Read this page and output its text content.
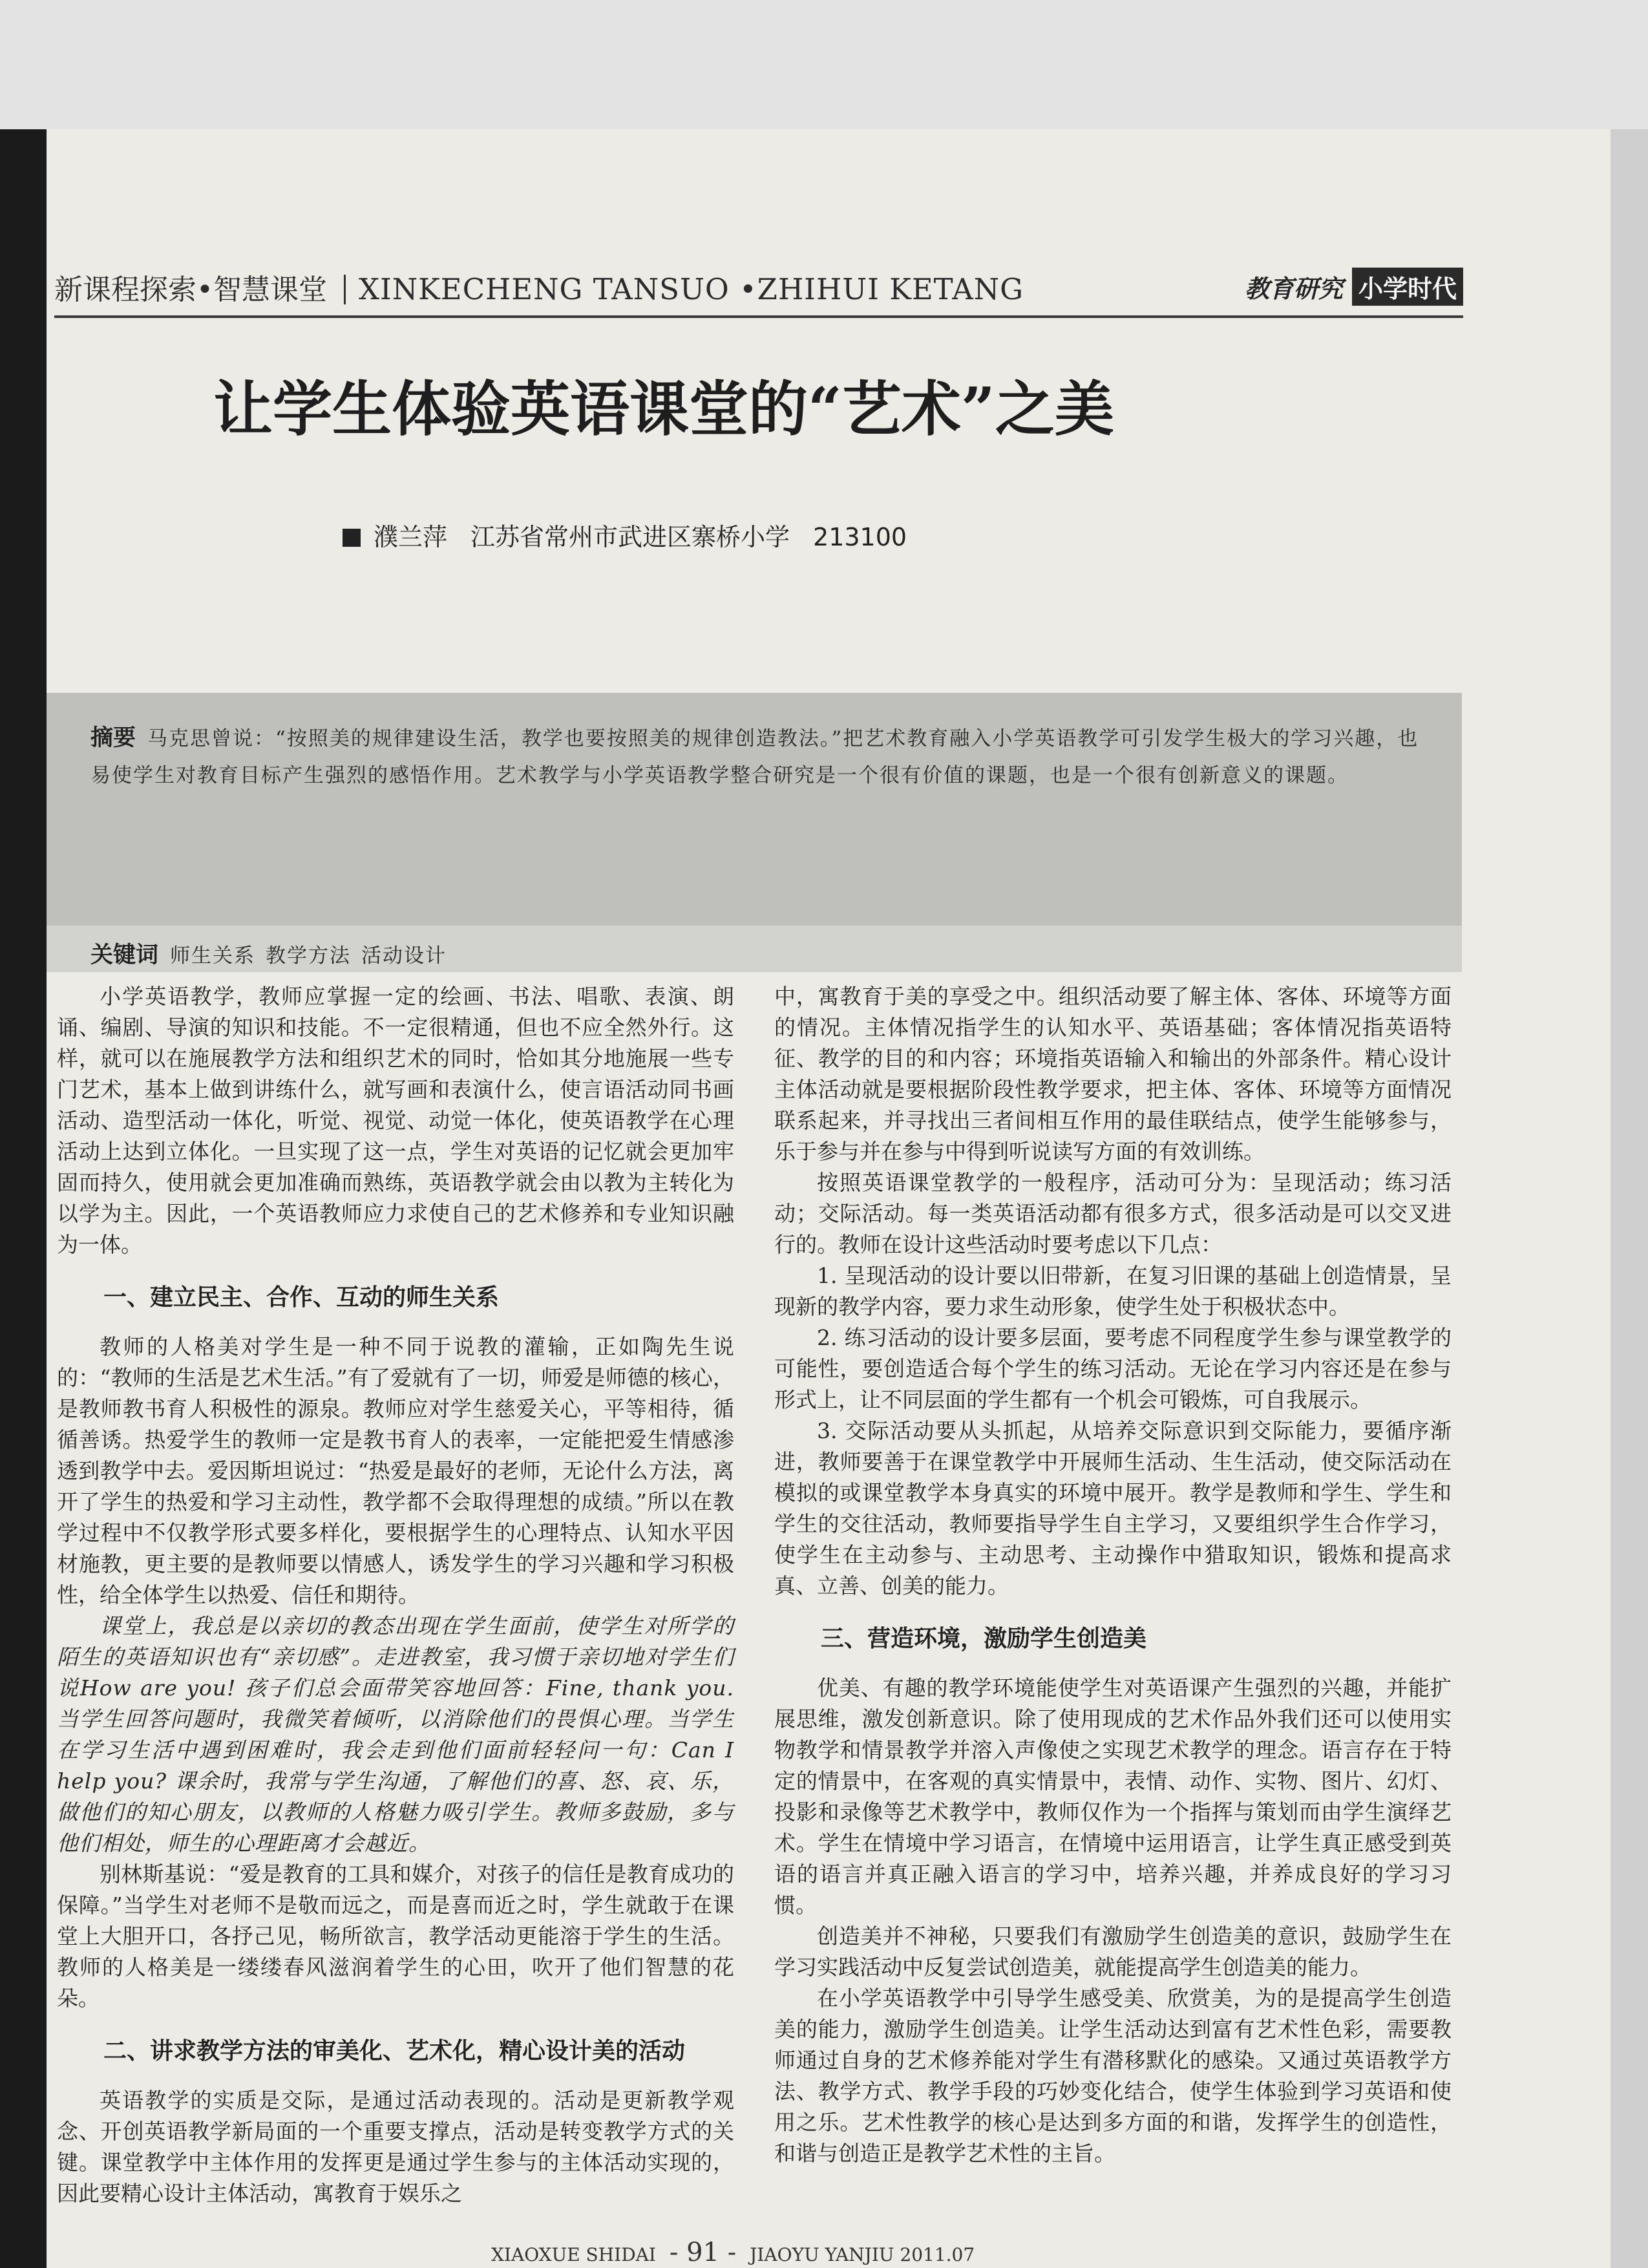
新课程探索•智慧课堂 XINKECHENG TANSUO •ZHIHUI KETANG	教育研究 小学时代
让学生体验英语课堂的“艺术”之美
濮兰萍 江苏省常州市武进区寨桥小学 213100
摘要 马克思曾说：“按照美的规律建设生活，教学也要按照美的规律创造教法。”把艺术教育融入小学英语教学可引发学生极大的学习兴趣，也易使学生对教育目标产生强烈的感悟作用。艺术教学与小学英语教学整合研究是一个很有价值的课题，也是一个很有创新意义的课题。
关键词 师生关系 教学方法 活动设计

小学英语教学，教师应掌握一定的绘画、书法、唱歌、表演、朗诵、编剧、导演的知识和技能。不一定很精通，但也不应全然外行。这样，就可以在施展教学方法和组织艺术的同时，恰如其分地施展一些专门艺术，基本上做到讲练什么，就写画和表演什么，使言语活动同书画活动、造型活动一体化，听觉、视觉、动觉一体化，使英语教学在心理活动上达到立体化。一旦实现了这一点，学生对英语的记忆就会更加牢固而持久，使用就会更加准确而熟练，英语教学就会由以教为主转化为以学为主。因此，一个英语教师应力求使自己的艺术修养和专业知识融为一体。

一、建立民主、合作、互动的师生关系

教师的人格美对学生是一种不同于说教的灌输，正如陶先生说的：“教师的生活是艺术生活。”有了爱就有了一切，师爱是师德的核心，是教师教书育人积极性的源泉。教师应对学生慈爱关心，平等相待，循循善诱。热爱学生的教师一定是教书育人的表率，一定能把爱生情感渗透到教学中去。爱因斯坦说过：“热爱是最好的老师，无论什么方法，离开了学生的热爱和学习主动性，教学都不会取得理想的成绩。”所以在教学过程中不仅教学形式要多样化，要根据学生的心理特点、认知水平因材施教，更主要的是教师要以情感人，诱发学生的学习兴趣和学习积极性，给全体学生以热爱、信任和期待。

课堂上，我总是以亲切的教态出现在学生面前，使学生对所学的陌生的英语知识也有“亲切感”。走进教室，我习惯于亲切地对学生们说How are you! 孩子们总会面带笑容地回答：Fine, thank you. 当学生回答问题时，我微笑着倾听，以消除他们的畏惧心理。当学生在学习生活中遇到困难时，我会走到他们面前轻轻问一句：Can I help you? 课余时，我常与学生沟通，了解他们的喜、怒、哀、乐，做他们的知心朋友，以教师的人格魅力吸引学生。教师多鼓励，多与他们相处，师生的心理距离才会越近。

别林斯基说：“爱是教育的工具和媒介，对孩子的信任是教育成功的保障。”当学生对老师不是敬而远之，而是喜而近之时，学生就敢于在课堂上大胆开口，各抒己见，畅所欲言，教学活动更能溶于学生的生活。教师的人格美是一缕缕春风滋润着学生的心田，吹开了他们智慧的花朵。

二、讲求教学方法的审美化、艺术化，精心设计美的活动

英语教学的实质是交际，是通过活动表现的。活动是更新教学观念、开创英语教学新局面的一个重要支撑点，活动是转变教学方式的关键。课堂教学中主体作用的发挥更是通过学生参与的主体活动实现的，因此要精心设计主体活动，寓教育于娱乐之

中，寓教育于美的享受之中。组织活动要了解主体、客体、环境等方面的情况。主体情况指学生的认知水平、英语基础；客体情况指英语特征、教学的目的和内容；环境指英语输入和输出的外部条件。精心设计主体活动就是要根据阶段性教学要求，把主体、客体、环境等方面情况联系起来，并寻找出三者间相互作用的最佳联结点，使学生能够参与，乐于参与并在参与中得到听说读写方面的有效训练。

按照英语课堂教学的一般程序，活动可分为：呈现活动；练习活动；交际活动。每一类英语活动都有很多方式，很多活动是可以交叉进行的。教师在设计这些活动时要考虑以下几点：

1. 呈现活动的设计要以旧带新，在复习旧课的基础上创造情景，呈现新的教学内容，要力求生动形象，使学生处于积极状态中。

2. 练习活动的设计要多层面，要考虑不同程度学生参与课堂教学的可能性，要创造适合每个学生的练习活动。无论在学习内容还是在参与形式上，让不同层面的学生都有一个机会可锻炼，可自我展示。

3. 交际活动要从头抓起，从培养交际意识到交际能力，要循序渐进，教师要善于在课堂教学中开展师生活动、生生活动，使交际活动在模拟的或课堂教学本身真实的环境中展开。教学是教师和学生、学生和学生的交往活动，教师要指导学生自主学习，又要组织学生合作学习，使学生在主动参与、主动思考、主动操作中猎取知识，锻炼和提高求真、立善、创美的能力。

三、营造环境，激励学生创造美

优美、有趣的教学环境能使学生对英语课产生强烈的兴趣，并能扩展思维，激发创新意识。除了使用现成的艺术作品外我们还可以使用实物教学和情景教学并溶入声像使之实现艺术教学的理念。语言存在于特定的情景中，在客观的真实情景中，表情、动作、实物、图片、幻灯、投影和录像等艺术教学中，教师仅作为一个指挥与策划而由学生演绎艺术。学生在情境中学习语言，在情境中运用语言，让学生真正感受到英语的语言并真正融入语言的学习中，培养兴趣，并养成良好的学习习惯。

创造美并不神秘，只要我们有激励学生创造美的意识，鼓励学生在学习实践活动中反复尝试创造美，就能提高学生创造美的能力。

在小学英语教学中引导学生感受美、欣赏美，为的是提高学生创造美的能力，激励学生创造美。让学生活动达到富有艺术性色彩，需要教师通过自身的艺术修养能对学生有潜移默化的感染。又通过英语教学方法、教学方式、教学手段的巧妙变化结合，使学生体验到学习英语和使用之乐。艺术性教学的核心是达到多方面的和谐，发挥学生的创造性，和谐与创造正是教学艺术性的主旨。

XIAOXUE SHIDAI - 91 - JIAOYU YANJIU 2011.07
